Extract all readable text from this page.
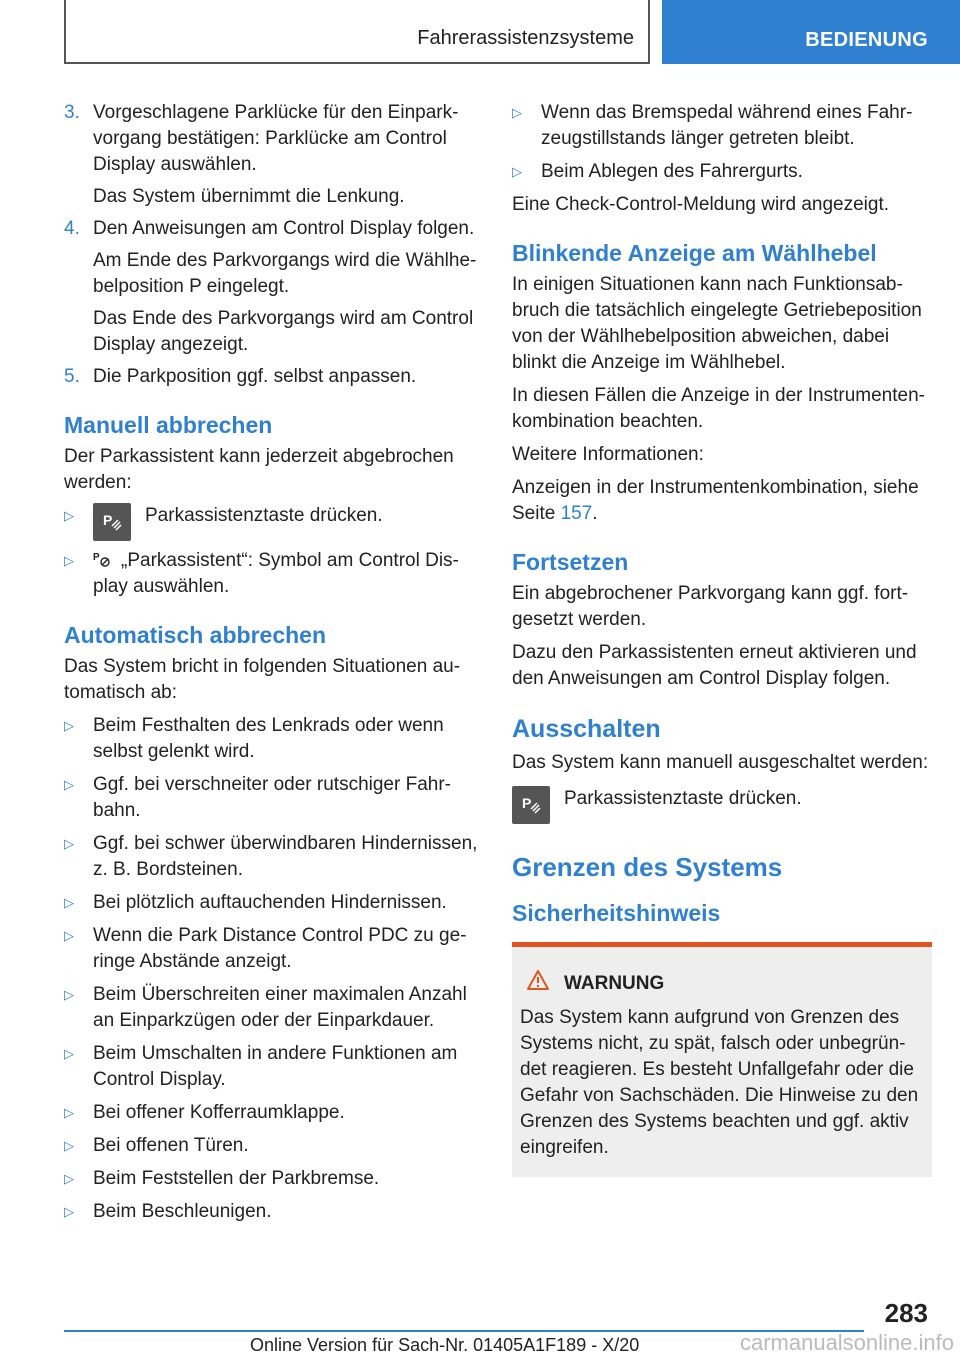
Fahrerassistenzsysteme	BEDIENUNG
3. Vorgeschlagene Parklücke für den Einparkvorgang bestätigen: Parklücke am Control Display auswählen.

Das System übernimmt die Lenkung.

4. Den Anweisungen am Control Display folgen.

Am Ende des Parkvorgangs wird die Wählhebelposition P eingelegt.

Das Ende des Parkvorgangs wird am Control Display angezeigt.

5. Die Parkposition ggf. selbst anpassen.

Manuell abbrechen

Der Parkassistent kann jederzeit abgebrochen werden:

▷	P Parkassistenztaste drücken.
▷	P „Parkassistent“: Symbol am Control Display auswählen.
Automatisch abbrechen

Das System bricht in folgenden Situationen automatisch ab:

▷	Beim Festhalten des Lenkrads oder wenn selbst gelenkt wird.
▷	Ggf. bei verschneiter oder rutschiger Fahrbahn.
▷	Ggf. bei schwer überwindbaren Hindernissen, z. B. Bordsteinen.
▷	Bei plötzlich auftauchenden Hindernissen.
▷	Wenn die Park Distance Control PDC zu geringe Abstände anzeigt.
▷	Beim Überschreiten einer maximalen Anzahl an Einparkzügen oder der Einparkdauer.
▷	Beim Umschalten in andere Funktionen am Control Display.
▷	Bei offener Kofferraumklappe.
▷	Bei offenen Türen.
▷	Beim Feststellen der Parkbremse.
▷	Beim Beschleunigen.
▷	Wenn das Bremspedal während eines Fahrzeugstillstands länger getreten bleibt.
▷	Beim Ablegen des Fahrergurts.

Eine Check-Control-Meldung wird angezeigt.

Blinkende Anzeige am Wählhebel

In einigen Situationen kann nach Funktionsabbruch die tatsächlich eingelegte Getriebeposition von der Wählhebelposition abweichen, dabei blinkt die Anzeige im Wählhebel.

In diesen Fällen die Anzeige in der Instrumentenkombination beachten.

Weitere Informationen:

Anzeigen in der Instrumentenkombination, siehe Seite 157.

Fortsetzen

Ein abgebrochener Parkvorgang kann ggf. fortgesetzt werden.

Dazu den Parkassistenten erneut aktivieren und den Anweisungen am Control Display folgen.

Ausschalten

Das System kann manuell ausgeschaltet werden:

P Parkassistenztaste drücken.
Grenzen des Systems
Sicherheitshinweis
WARNUNG

Das System kann aufgrund von Grenzen des Systems nicht, zu spät, falsch oder unbegründet reagieren. Es besteht Unfallgefahr oder die Gefahr von Sachschäden. Die Hinweise zu den Grenzen des Systems beachten und ggf. aktiv eingreifen.

283
Online Version für Sach-Nr. 01405A1F189 - X/20	carmanualsonline.info
